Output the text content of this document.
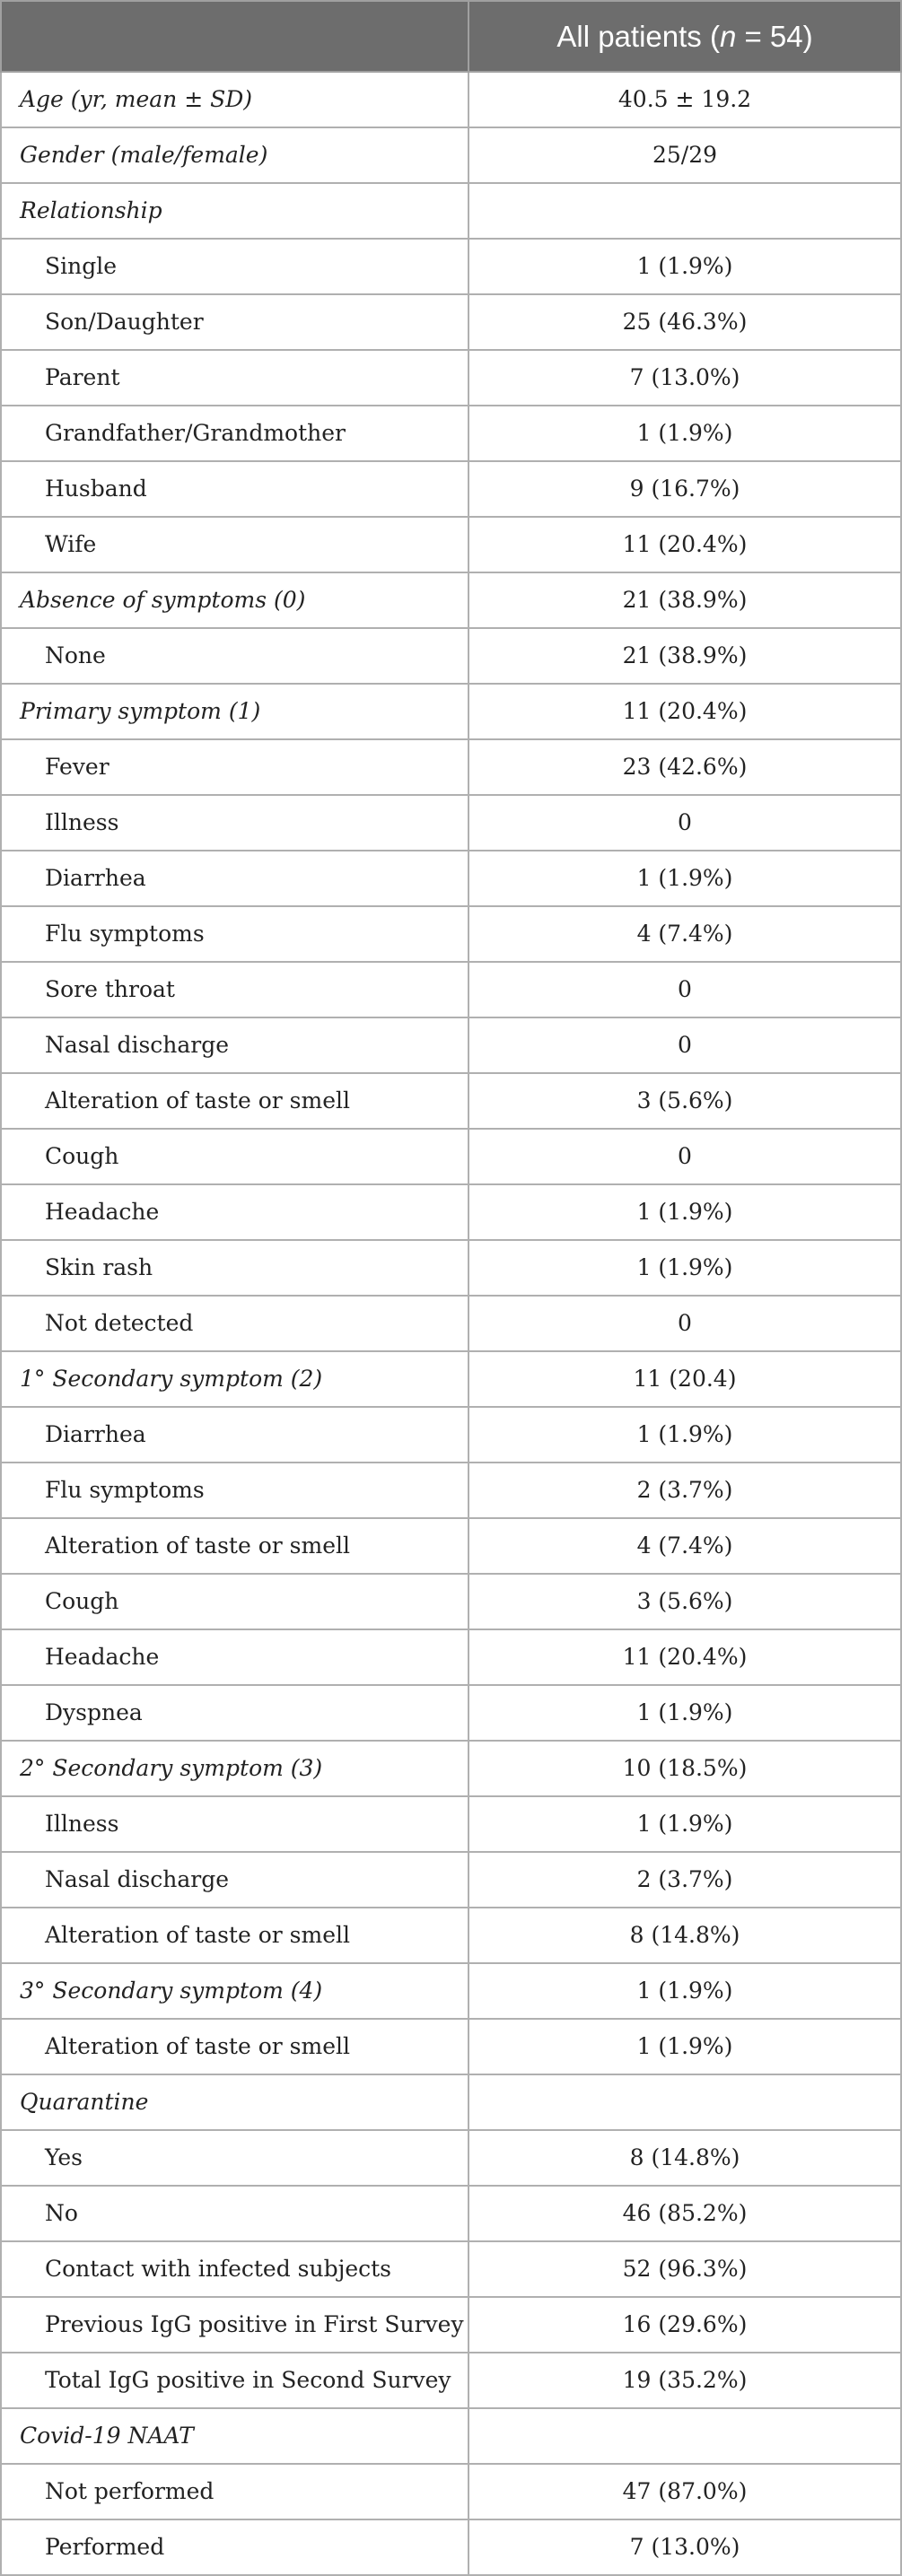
	All patients (n = 54)
Age (yr, mean ± SD)	40.5 ± 19.2
Gender (male/female)	25/29
Relationship	
Single	1 (1.9%)
Son/Daughter	25 (46.3%)
Parent	7 (13.0%)
Grandfather/Grandmother	1 (1.9%)
Husband	9 (16.7%)
Wife	11 (20.4%)
Absence of symptoms (0)	21 (38.9%)
None	21 (38.9%)
Primary symptom (1)	11 (20.4%)
Fever	23 (42.6%)
Illness	0
Diarrhea	1 (1.9%)
Flu symptoms	4 (7.4%)
Sore throat	0
Nasal discharge	0
Alteration of taste or smell	3 (5.6%)
Cough	0
Headache	1 (1.9%)
Skin rash	1 (1.9%)
Not detected	0
1° Secondary symptom (2)	11 (20.4)
Diarrhea	1 (1.9%)
Flu symptoms	2 (3.7%)
Alteration of taste or smell	4 (7.4%)
Cough	3 (5.6%)
Headache	11 (20.4%)
Dyspnea	1 (1.9%)
2° Secondary symptom (3)	10 (18.5%)
Illness	1 (1.9%)
Nasal discharge	2 (3.7%)
Alteration of taste or smell	8 (14.8%)
3° Secondary symptom (4)	1 (1.9%)
Alteration of taste or smell	1 (1.9%)
Quarantine	
Yes	8 (14.8%)
No	46 (85.2%)
Contact with infected subjects	52 (96.3%)
Previous IgG positive in First Survey	16 (29.6%)
Total IgG positive in Second Survey	19 (35.2%)
Covid-19 NAAT	
Not performed	47 (87.0%)
Performed	7 (13.0%)
